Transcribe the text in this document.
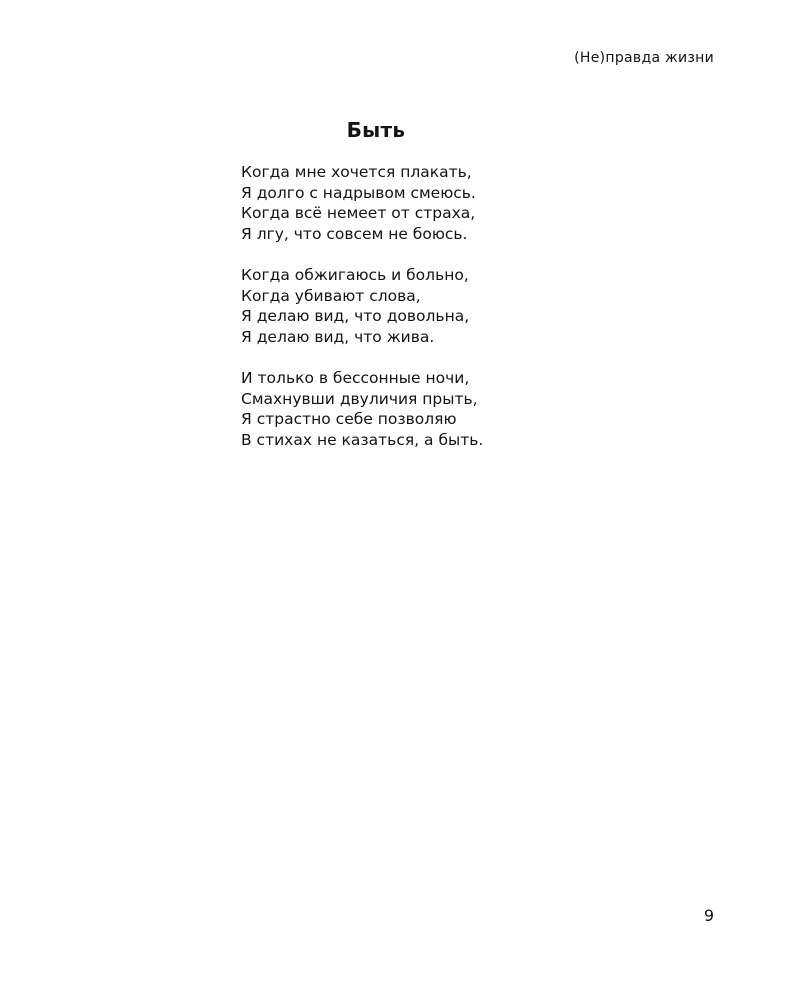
(Не)правда жизни
Быть
Когда мне хочется плакать,
Я долго с надрывом смеюсь.
Когда всё немеет от страха,
Я лгу, что совсем не боюсь.
Когда обжигаюсь и больно,
Когда убивают слова,
Я делаю вид, что довольна,
Я делаю вид, что жива.
И только в бессонные ночи,
Смахнувши двуличия прыть,
Я страстно себе позволяю
В стихах не казаться, а быть.
9
